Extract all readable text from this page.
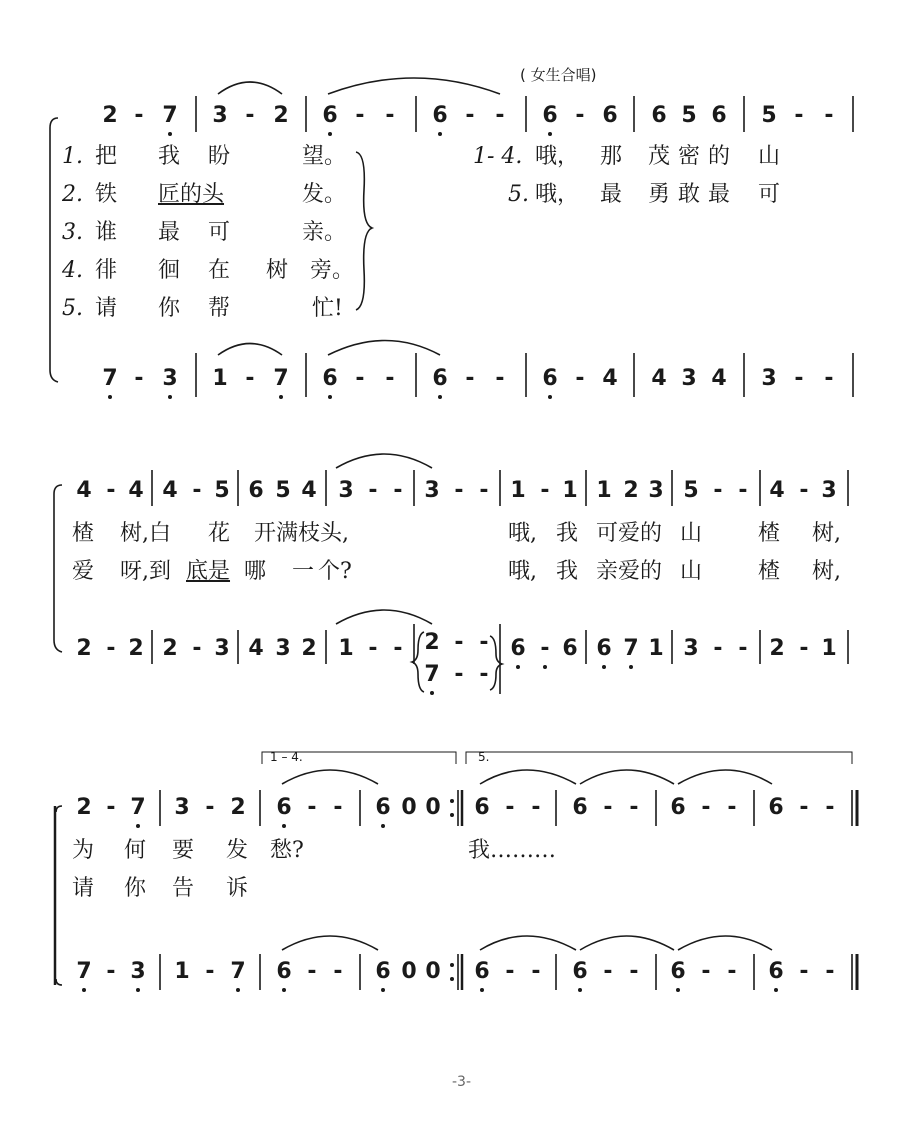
( 女生合唱)
2 - 7 3 - 2 6 - - 6 - - 6 - 6 6 5 6 5 - -
1. 把 我 盼	望。
2. 铁 匠的头	发。
3. 谁 最 可	亲。
4. 徘 徊 在 树 旁。
5. 请 你 帮	忙!
1- 4. 哦， 那 茂 密 的 山
5. 哦， 最 勇 敢 最 可
7 - 3 1 - 7 6 - - 6 - - 6 - 4 4 3 4 3 - -
4 - 4 4 - 5 6 5 4 3 - - 3 - - 1 - 1 1 2 3 5 - - 4 - 3
楂 树,白 花 开满枝 头,	哦, 我 可爱的 山	楂 树,
爱 呀,到 底是 哪 一 个?	哦, 我 亲爱的 山	楂 树,
2 - 2 2 - 3 4 3 2 1 - - 2 - -
7 - -
6 - 6 6 7 1 3 - - 2 - 1
1 – 4.	5.
2 - 7 3 - 2 6 - - 6 0 0 6 - - 6 - - 6 - - 6 - -
为 何 要 发 愁?	我………
请 你 告 诉
7 - 3 1 - 7 6 - - 6 0 0 6 - - 6 - - 6 - - 6 - -
-3-
